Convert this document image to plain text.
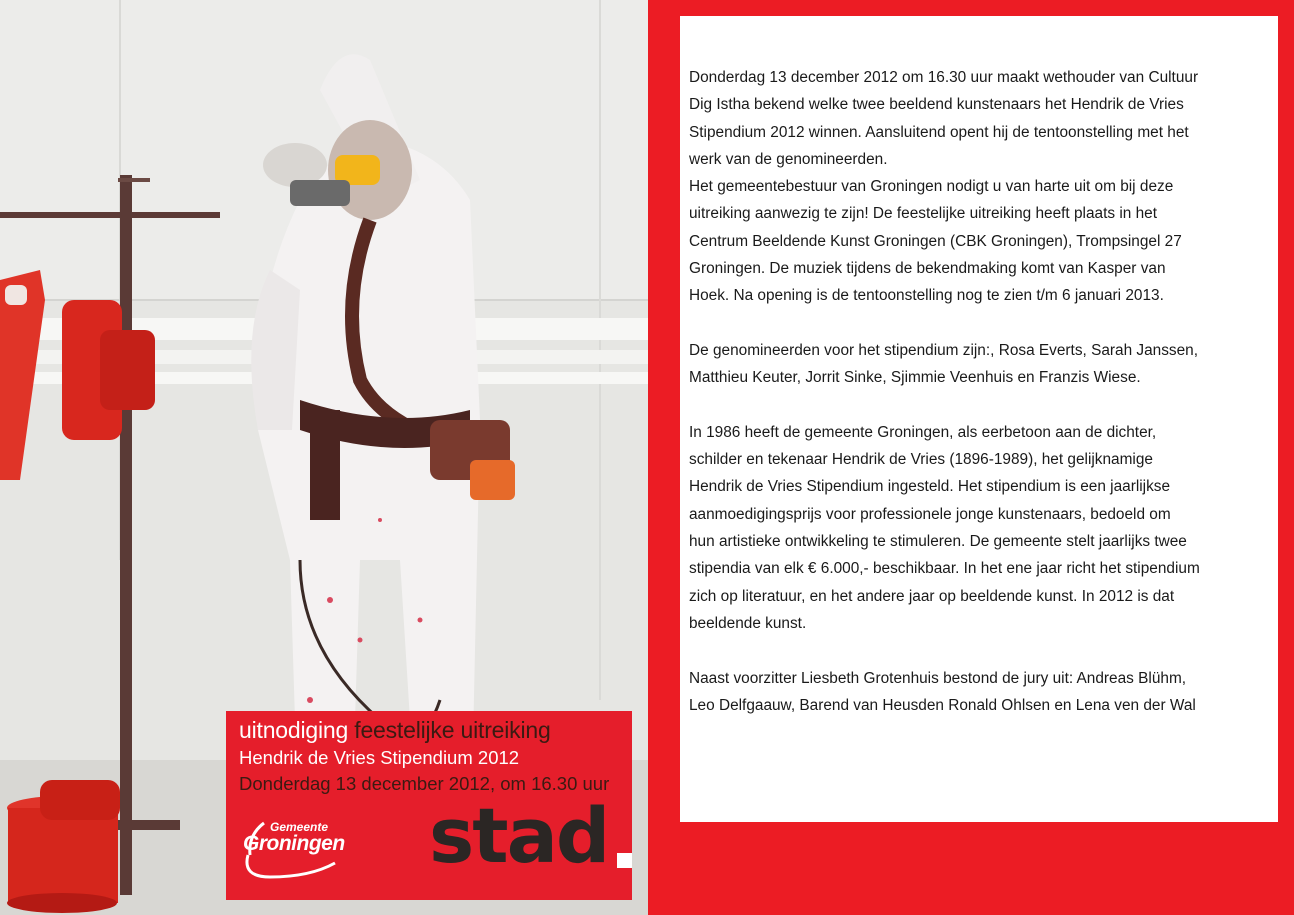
uitnodiging feestelijke uitreiking
Hendrik de Vries Stipendium 2012
Donderdag 13 december 2012, om 16.30 uur
Gemeente
Groningen stad

Donderdag 13 december 2012 om 16.30 uur maakt wethouder van Cultuur
Dig Istha bekend welke twee beeldend kunstenaars het Hendrik de Vries
Stipendium 2012 winnen. Aansluitend opent hij de tentoonstelling met het
werk van de genomineerden.
Het gemeentebestuur van Groningen nodigt u van harte uit om bij deze
uitreiking aanwezig te zijn! De feestelijke uitreiking heeft plaats in het
Centrum Beeldende Kunst Groningen (CBK Groningen), Trompsingel 27
Groningen. De muziek tijdens de bekendmaking komt van Kasper van
Hoek. Na opening is de tentoonstelling nog te zien t/m 6 januari 2013.

De genomineerden voor het stipendium zijn:, Rosa Everts, Sarah Janssen,
Matthieu Keuter, Jorrit Sinke, Sjimmie Veenhuis en Franzis Wiese.

In 1986 heeft de gemeente Groningen, als eerbetoon aan de dichter,
schilder en tekenaar Hendrik de Vries (1896-1989), het gelijknamige
Hendrik de Vries Stipendium ingesteld. Het stipendium is een jaarlijkse
aanmoedigingsprijs voor professionele jonge kunstenaars, bedoeld om
hun artistieke ontwikkeling te stimuleren. De gemeente stelt jaarlijks twee
stipendia van elk € 6.000,- beschikbaar. In het ene jaar richt het stipendium
zich op literatuur, en het andere jaar op beeldende kunst. In 2012 is dat
beeldende kunst.

Naast voorzitter Liesbeth Grotenhuis bestond de jury uit: Andreas Blühm,
Leo Delfgaauw, Barend van Heusden Ronald Ohlsen en Lena ven der Wal
